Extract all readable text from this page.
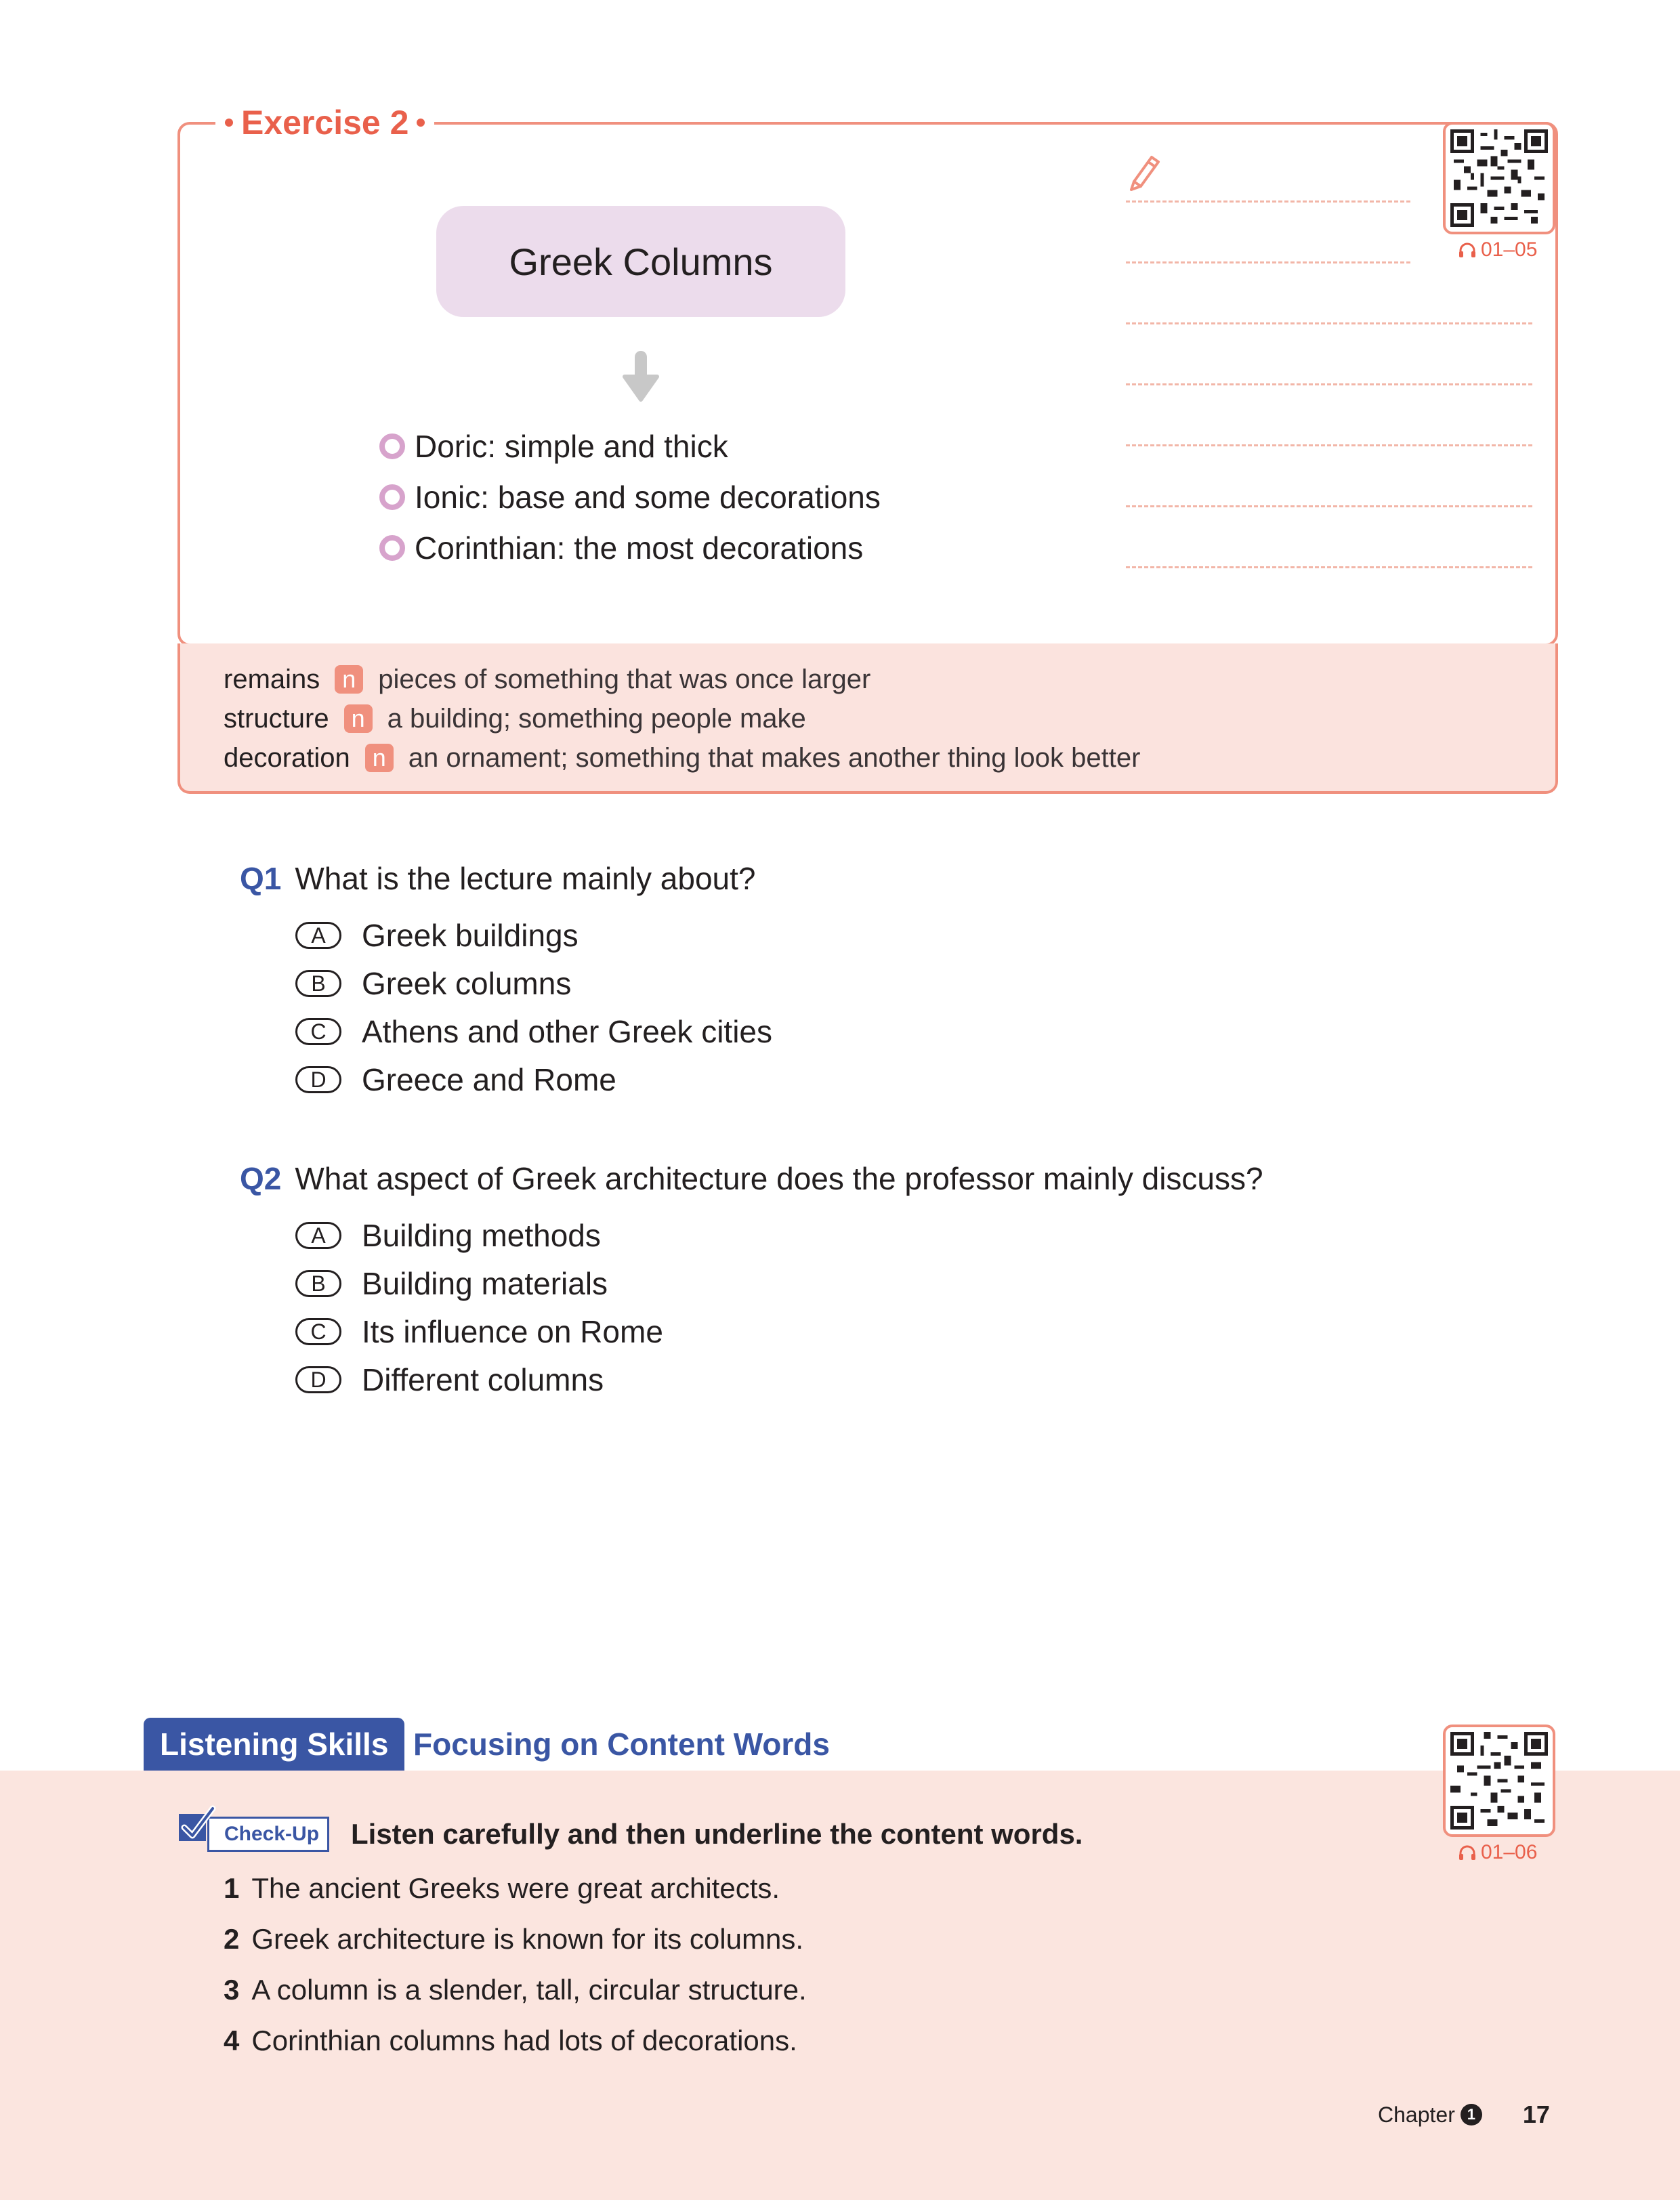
Exercise 2
Greek Columns
Doric: simple and thick
Ionic: base and some decorations
Corinthian: the most decorations
01–05
remains n pieces of something that was once larger
structure n a building; something people make
decoration n an ornament; something that makes another thing look better
Q1 What is the lecture mainly about?
A	Greek buildings
B	Greek columns
C	Athens and other Greek cities
D	Greece and Rome
Q2 What aspect of Greek architecture does the professor mainly discuss?
A	Building methods
B	Building materials
C	Its influence on Rome
D	Different columns
Listening Skills Focusing on Content Words
01–06
Check-Up	Listen carefully and then underline the content words.
1 The ancient Greeks were great architects.
2 Greek architecture is known for its columns.
3 A column is a slender, tall, circular structure.
4 Corinthian columns had lots of decorations.
Chapter 1 17
